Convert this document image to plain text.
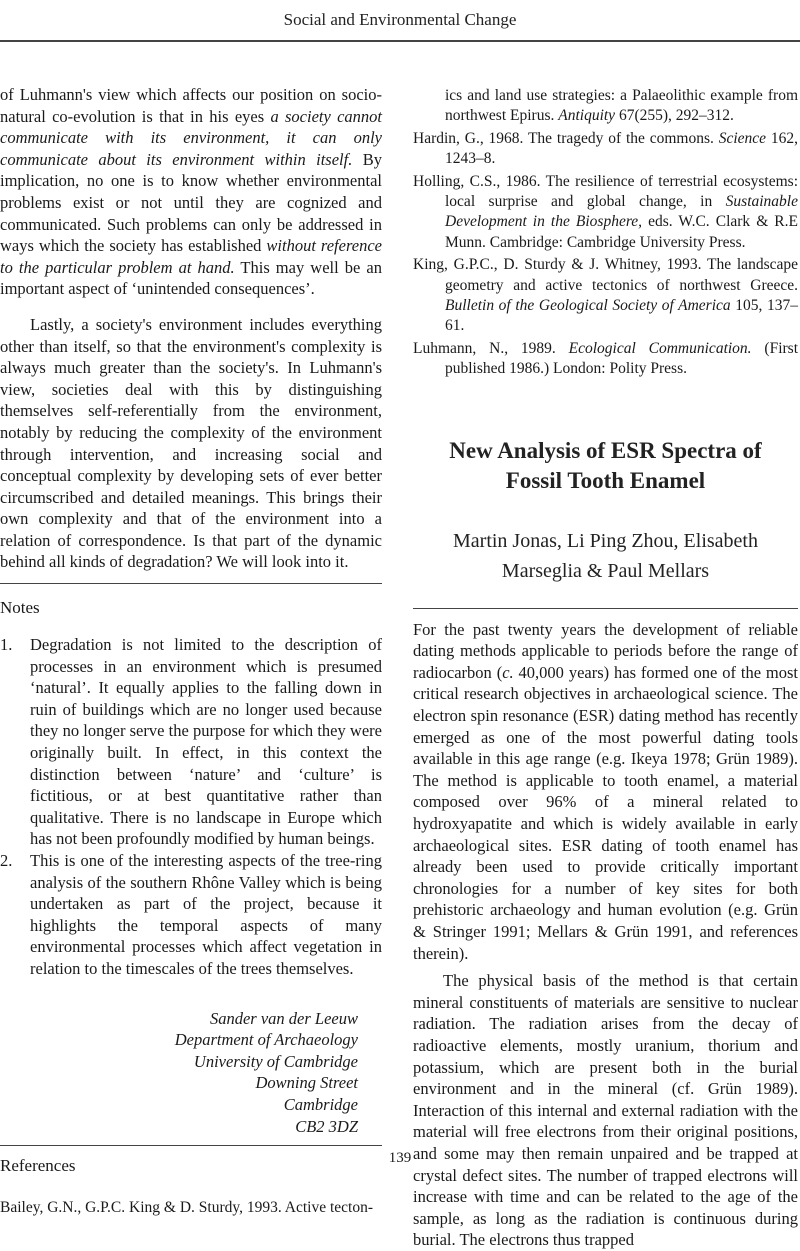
Social and Environmental Change

of Luhmann's view which affects our position on socio-natural co-evolution is that in his eyes a society cannot communicate with its environment, it can only communicate about its environment within itself. By implication, no one is to know whether environmental problems exist or not until they are cognized and communicated. Such problems can only be addressed in ways which the society has established without reference to the particular problem at hand. This may well be an important aspect of ‘unintended consequences’.

Lastly, a society's environment includes everything other than itself, so that the environment's complexity is always much greater than the society's. In Luhmann's view, societies deal with this by distinguishing themselves self-referentially from the environment, notably by reducing the complexity of the environment through intervention, and increasing social and conceptual complexity by developing sets of ever better circumscribed and detailed meanings. This brings their own complexity and that of the environment into a relation of correspondence. Is that part of the dynamic behind all kinds of degradation? We will look into it.

Notes
1. Degradation is not limited to the description of processes in an environment which is presumed ‘natural’. It equally applies to the falling down in ruin of buildings which are no longer used because they no longer serve the purpose for which they were originally built. In effect, in this context the distinction between ‘nature’ and ‘culture’ is fictitious, or at best quantitative rather than qualitative. There is no landscape in Europe which has not been profoundly modified by human beings.
2. This is one of the interesting aspects of the tree-ring analysis of the southern Rhône Valley which is being undertaken as part of the project, because it highlights the temporal aspects of many environmental processes which affect vegetation in relation to the timescales of the trees themselves.
Sander van der Leeuw
Department of Archaeology
University of Cambridge
Downing Street
Cambridge
CB2 3DZ
References
Bailey, G.N., G.P.C. King & D. Sturdy, 1993. Active tecton-
ics and land use strategies: a Palaeolithic example from northwest Epirus. Antiquity 67(255), 292–312.
Hardin, G., 1968. The tragedy of the commons. Science 162, 1243–8.
Holling, C.S., 1986. The resilience of terrestrial ecosystems: local surprise and global change, in Sustainable Development in the Biosphere, eds. W.C. Clark & R.E Munn. Cambridge: Cambridge University Press.
King, G.P.C., D. Sturdy & J. Whitney, 1993. The landscape geometry and active tectonics of northwest Greece. Bulletin of the Geological Society of America 105, 137–61.
Luhmann, N., 1989. Ecological Communication. (First published 1986.) London: Polity Press.
New Analysis of ESR Spectra of
Fossil Tooth Enamel
Martin Jonas, Li Ping Zhou, Elisabeth
Marseglia & Paul Mellars

For the past twenty years the development of reliable dating methods applicable to periods before the range of radiocarbon (c. 40,000 years) has formed one of the most critical research objectives in archaeological science. The electron spin resonance (ESR) dating method has recently emerged as one of the most powerful dating tools available in this age range (e.g. Ikeya 1978; Grün 1989). The method is applicable to tooth enamel, a material composed over 96% of a mineral related to hydroxyapatite and which is widely available in early archaeological sites. ESR dating of tooth enamel has already been used to provide critically important chronologies for a number of key sites for both prehistoric archaeology and human evolution (e.g. Grün & Stringer 1991; Mellars & Grün 1991, and references therein).

The physical basis of the method is that certain mineral constituents of materials are sensitive to nuclear radiation. The radiation arises from the decay of radioactive elements, mostly uranium, thorium and potassium, which are present both in the burial environment and in the mineral (cf. Grün 1989). Interaction of this internal and external radiation with the material will free electrons from their original positions, and some may then remain unpaired and be trapped at crystal defect sites. The number of trapped electrons will increase with time and can be related to the age of the sample, as long as the radiation is continuous during burial. The electrons thus trapped

139
